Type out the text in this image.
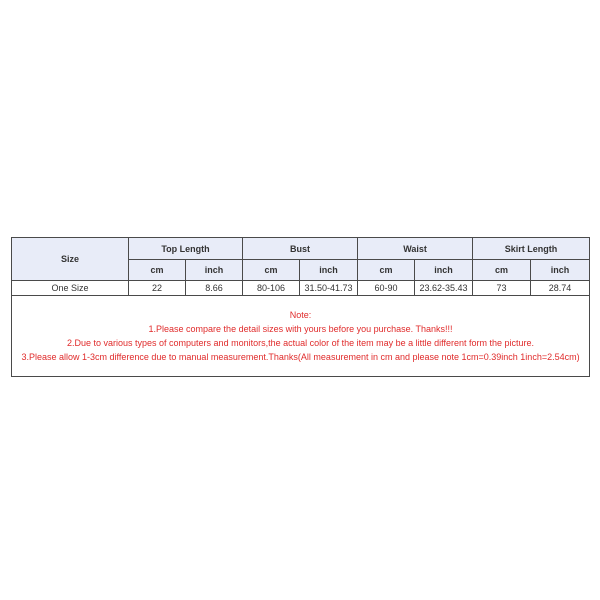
Size	Top Length		Bust		Waist		Skirt Length	
	cm	inch	cm	inch	cm	inch	cm	inch
One Size	22	8.66	80-106	31.50-41.73	60-90	23.62-35.43	73	28.74

Note:
1.Please compare the detail sizes with yours before you purchase. Thanks!!!
2.Due to various types of computers and monitors,the actual color of the item may be a little different form the picture.
3.Please allow 1-3cm difference due to manual measurement.Thanks(All measurement in cm and please note 1cm=0.39inch 1inch=2.54cm)								
